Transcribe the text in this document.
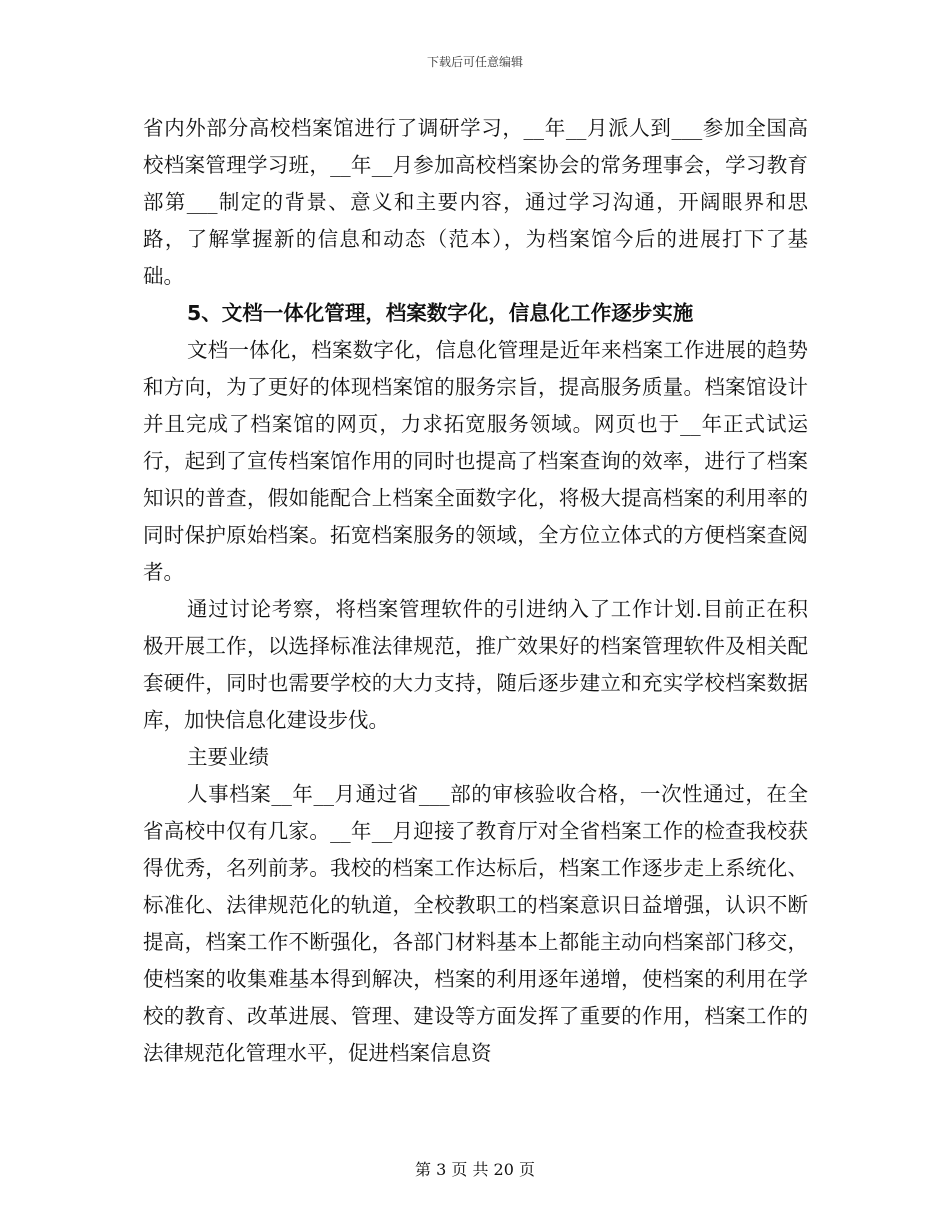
下载后可任意编辑

省内外部分高校档案馆进行了调研学习，__年__月派人到___参加全国高校档案管理学习班，__年__月参加高校档案协会的常务理事会，学习教育部第___制定的背景、意义和主要内容，通过学习沟通，开阔眼界和思路，了解掌握新的信息和动态（范本），为档案馆今后的进展打下了基础。

5、文档一体化管理，档案数字化，信息化工作逐步实施

文档一体化，档案数字化，信息化管理是近年来档案工作进展的趋势和方向，为了更好的体现档案馆的服务宗旨，提高服务质量。档案馆设计并且完成了档案馆的网页，力求拓宽服务领域。网页也于__年正式试运行，起到了宣传档案馆作用的同时也提高了档案查询的效率，进行了档案知识的普查，假如能配合上档案全面数字化，将极大提高档案的利用率的同时保护原始档案。拓宽档案服务的领域，全方位立体式的方便档案查阅者。

通过讨论考察，将档案管理软件的引进纳入了工作计划.目前正在积极开展工作，以选择标准法律规范，推广效果好的档案管理软件及相关配套硬件，同时也需要学校的大力支持，随后逐步建立和充实学校档案数据库，加快信息化建设步伐。

主要业绩

人事档案__年__月通过省___部的审核验收合格，一次性通过，在全省高校中仅有几家。__年__月迎接了教育厅对全省档案工作的检查我校获得优秀，名列前茅。我校的档案工作达标后，档案工作逐步走上系统化、标准化、法律规范化的轨道，全校教职工的档案意识日益增强，认识不断提高，档案工作不断强化，各部门材料基本上都能主动向档案部门移交，使档案的收集难基本得到解决，档案的利用逐年递增，使档案的利用在学校的教育、改革进展、管理、建设等方面发挥了重要的作用，档案工作的法律规范化管理水平，促进档案信息资

第 3 页 共 20 页
